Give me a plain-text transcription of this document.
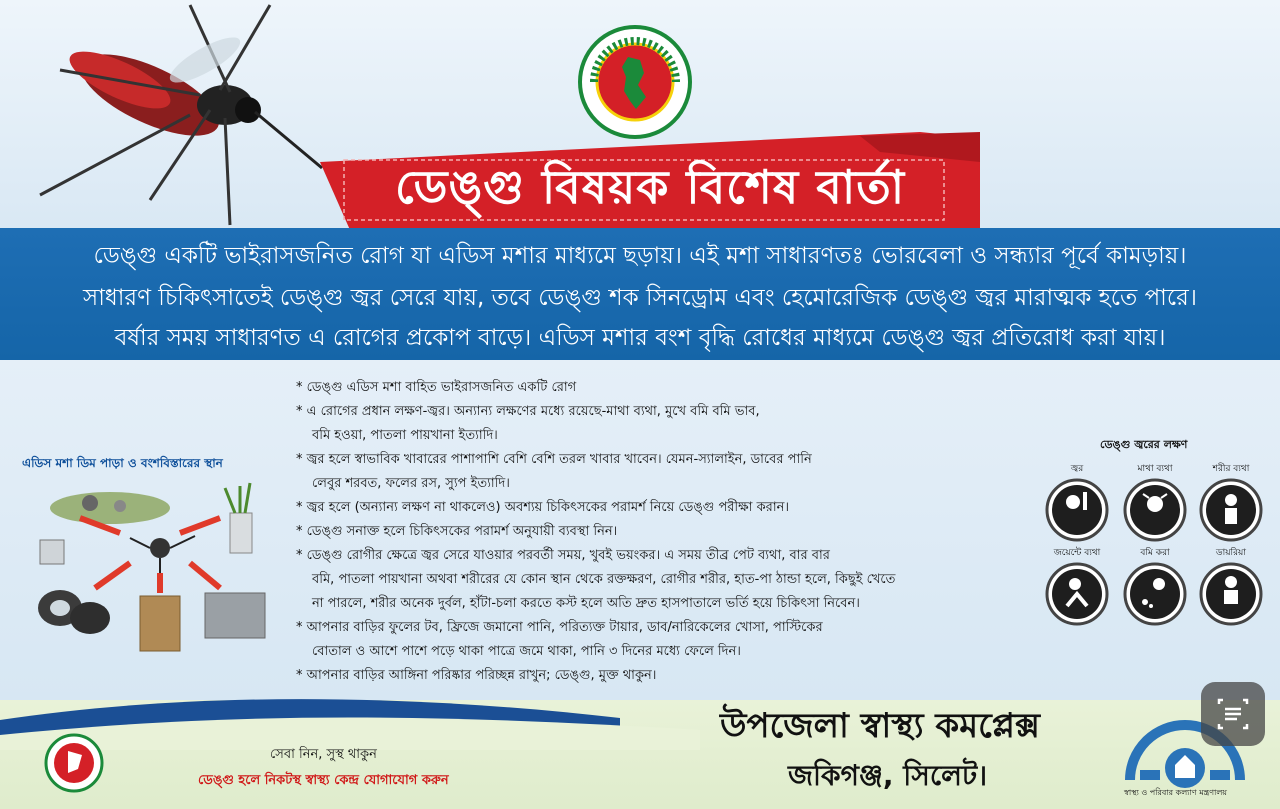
ডেঙ্গু বিষয়ক বিশেষ বার্তা
ডেঙ্গু একটি ভাইরাসজনিত রোগ যা এডিস মশার মাধ্যমে ছড়ায়। এই মশা সাধারণতঃ ভোরবেলা ও সন্ধ্যার পূর্বে কামড়ায়।
সাধারণ চিকিৎসাতেই ডেঙ্গু জ্বর সেরে যায়, তবে ডেঙ্গু শক সিনড্রোম এবং হেমোরেজিক ডেঙ্গু জ্বর মারাত্মক হতে পারে।
বর্ষার সময় সাধারণত এ রোগের প্রকোপ বাড়ে। এডিস মশার বংশ বৃদ্ধি রোধের মাধ্যমে ডেঙ্গু জ্বর প্রতিরোধ করা যায়।
এডিস মশা ডিম পাড়া ও বংশবিস্তারের স্থান
* ডেঙ্গু এডিস মশা বাহিত ভাইরাসজনিত একটি রোগ
* এ রোগের প্রধান লক্ষণ-জ্বর। অন্যান্য লক্ষণের মধ্যে রয়েছে-মাথা ব্যথা, মুখে বমি বমি ভাব,
বমি হওয়া, পাতলা পায়খানা ইত্যাদি।
* জ্বর হলে স্বাভাবিক খাবারের পাশাপাশি বেশি বেশি তরল খাবার খাবেন। যেমন-স্যালাইন, ডাবের পানি
লেবুর শরবত, ফলের রস, স্যুপ ইত্যাদি।
* জ্বর হলে (অন্যান্য লক্ষণ না থাকলেও) অবশ্যয় চিকিৎসকের পরামর্শ নিয়ে ডেঙ্গু পরীক্ষা করান।
* ডেঙ্গু সনাক্ত হলে চিকিৎসকের পরামর্শ অনুযায়ী ব্যবস্থা নিন।
* ডেঙ্গু রোগীর ক্ষেত্রে জ্বর সেরে যাওয়ার পরবর্তী সময়, খুবই ভয়ংকর। এ সময় তীব্র পেট ব্যথা, বার বার
বমি, পাতলা পায়খানা অথবা শরীরের যে কোন স্থান থেকে রক্তক্ষরণ, রোগীর শরীর, হাত-পা ঠান্ডা হলে, কিছুই খেতে
না পারলে, শরীর অনেক দুর্বল, হাঁটা-চলা করতে কস্ট হলে অতি দ্রুত হাসপাতালে ভর্তি হয়ে চিকিৎসা নিবেন।
* আপনার বাড়ির ফুলের টব, ফ্রিজে জমানো পানি, পরিত্যক্ত টায়ার, ডাব/নারিকেলের খোসা, পাস্টিকের
বোতাল ও আশে পাশে পড়ে থাকা পাত্রে জমে থাকা, পানি ৩ দিনের মধ্যে ফেলে দিন।
* আপনার বাড়ির আঙ্গিনা পরিষ্কার পরিচ্ছন্ন রাখুন; ডেঙ্গু, মুক্ত থাকুন।
ডেঙ্গু জ্বরের লক্ষণ
জ্বর	মাথা ব্যথা	শরীর ব্যথা
জয়েন্টে ব্যথা	বমি করা	ডায়রিয়া
সেবা নিন, সুস্থ থাকুন
ডেঙ্গু হলে নিকটস্থ স্বাস্থ্য কেন্দ্র যোগাযোগ করুন
উপজেলা স্বাস্থ্য কমপ্লেক্স
জকিগঞ্জ, সিলেট।
স্বাস্থ্য ও পরিবার কল্যাণ মন্ত্রণালয়
